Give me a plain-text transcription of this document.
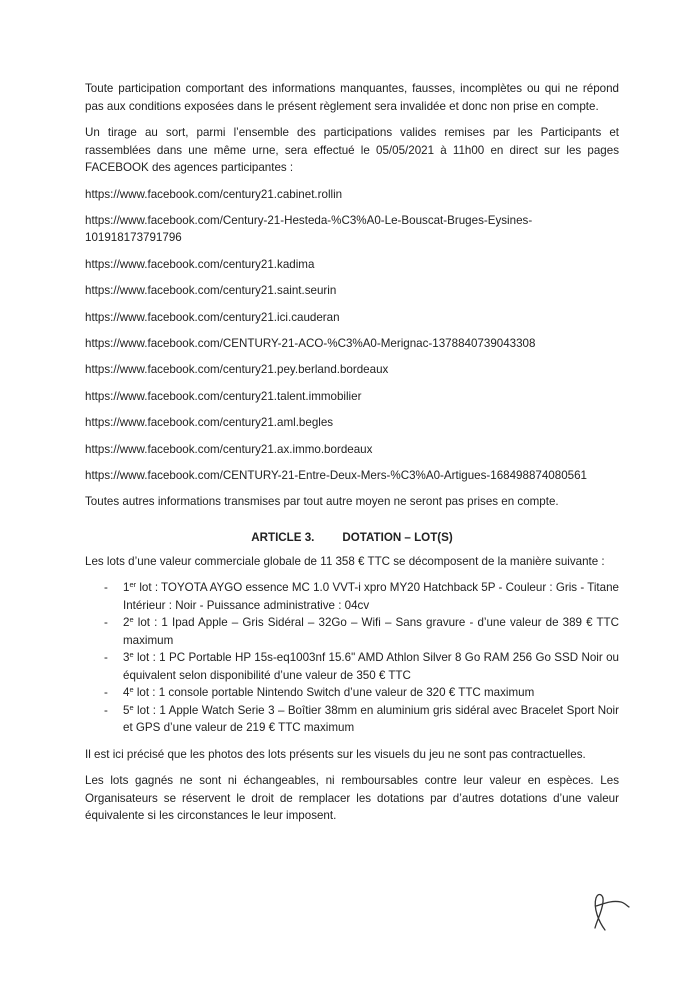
Toute participation comportant des informations manquantes, fausses, incomplètes ou qui ne répond pas aux conditions exposées dans le présent règlement sera invalidée et donc non prise en compte.

Un tirage au sort, parmi l’ensemble des participations valides remises par les Participants et rassemblées dans une même urne, sera effectué le 05/05/2021 à 11h00 en direct sur les pages FACEBOOK des agences participantes :

https://www.facebook.com/century21.cabinet.rollin

https://www.facebook.com/Century-21-Hesteda-%C3%A0-Le-Bouscat-Bruges-Eysines-101918173791796

https://www.facebook.com/century21.kadima

https://www.facebook.com/century21.saint.seurin

https://www.facebook.com/century21.ici.cauderan

https://www.facebook.com/CENTURY-21-ACO-%C3%A0-Merignac-1378840739043308

https://www.facebook.com/century21.pey.berland.bordeaux

https://www.facebook.com/century21.talent.immobilier

https://www.facebook.com/century21.aml.begles

https://www.facebook.com/century21.ax.immo.bordeaux

https://www.facebook.com/CENTURY-21-Entre-Deux-Mers-%C3%A0-Artigues-168498874080561

Toutes autres informations transmises par tout autre moyen ne seront pas prises en compte.

ARTICLE 3. DOTATION – LOT(S)

Les lots d’une valeur commerciale globale de 11 358 € TTC se décomposent de la manière suivante :

- 1er lot : TOYOTA AYGO essence MC 1.0 VVT-i xpro MY20 Hatchback 5P - Couleur : Gris - Titane Intérieur : Noir - Puissance administrative : 04cv
- 2e lot : 1 Ipad Apple – Gris Sidéral – 32Go – Wifi – Sans gravure - d’une valeur de 389 € TTC maximum
- 3e lot : 1 PC Portable HP 15s-eq1003nf 15.6" AMD Athlon Silver 8 Go RAM 256 Go SSD Noir ou équivalent selon disponibilité d’une valeur de 350 € TTC
- 4e lot : 1 console portable Nintendo Switch d’une valeur de 320 € TTC maximum
- 5e lot : 1 Apple Watch Serie 3 – Boîtier 38mm en aluminium gris sidéral avec Bracelet Sport Noir et GPS d’une valeur de 219 € TTC maximum

Il est ici précisé que les photos des lots présents sur les visuels du jeu ne sont pas contractuelles.

Les lots gagnés ne sont ni échangeables, ni remboursables contre leur valeur en espèces. Les Organisateurs se réservent le droit de remplacer les dotations par d’autres dotations d’une valeur équivalente si les circonstances le leur imposent.
